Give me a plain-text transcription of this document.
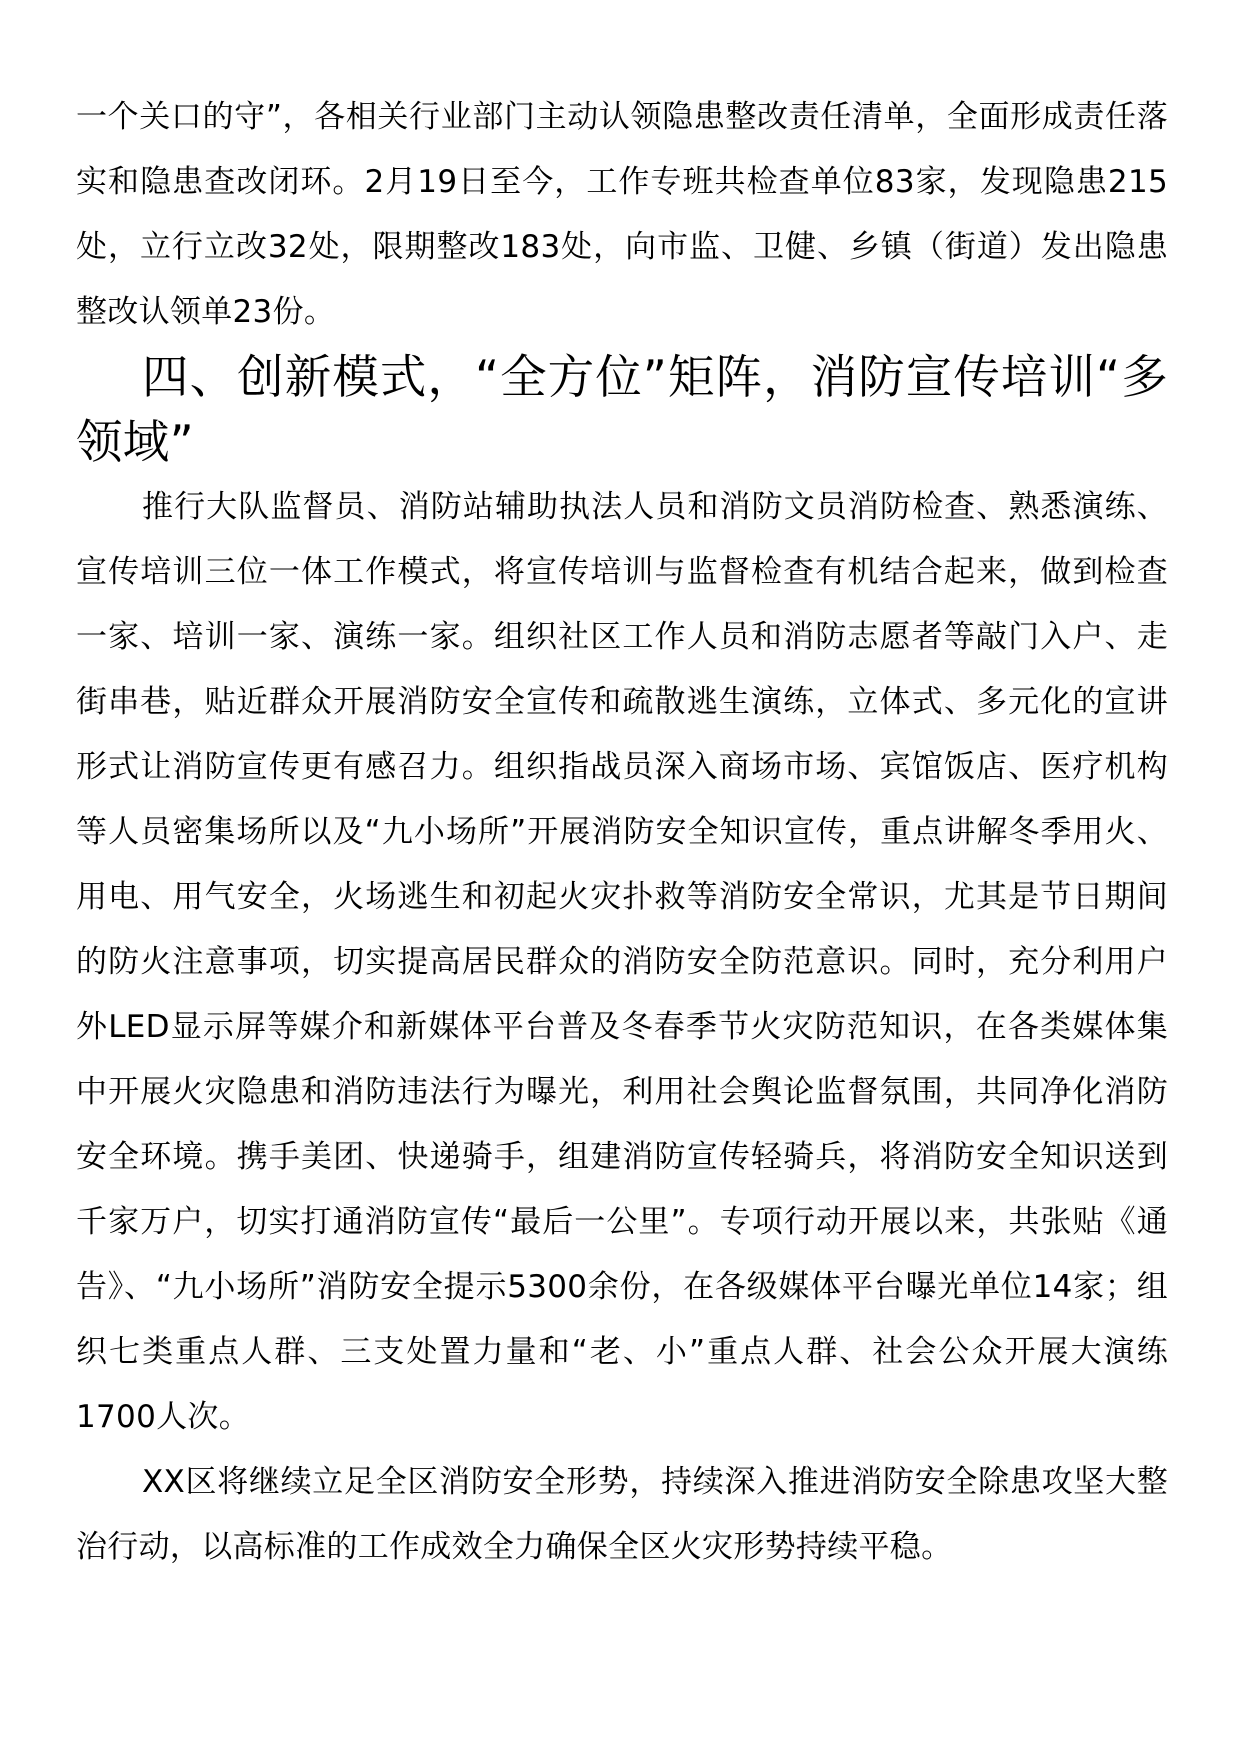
一个关口的守”，各相关行业部门主动认领隐患整改责任清单，全面形成责任落实和隐患查改闭环。2月19日至今，工作专班共检查单位83家，发现隐患215处，立行立改32处，限期整改183处，向市监、卫健、乡镇（街道）发出隐患整改认领单23份。

四、创新模式，“全方位”矩阵，消防宣传培训“多领域”

推行大队监督员、消防站辅助执法人员和消防文员消防检查、熟悉演练、宣传培训三位一体工作模式，将宣传培训与监督检查有机结合起来，做到检查一家、培训一家、演练一家。组织社区工作人员和消防志愿者等敲门入户、走街串巷，贴近群众开展消防安全宣传和疏散逃生演练，立体式、多元化的宣讲形式让消防宣传更有感召力。组织指战员深入商场市场、宾馆饭店、医疗机构等人员密集场所以及“九小场所”开展消防安全知识宣传，重点讲解冬季用火、用电、用气安全，火场逃生和初起火灾扑救等消防安全常识，尤其是节日期间的防火注意事项，切实提高居民群众的消防安全防范意识。同时，充分利用户外LED显示屏等媒介和新媒体平台普及冬春季节火灾防范知识，在各类媒体集中开展火灾隐患和消防违法行为曝光，利用社会舆论监督氛围，共同净化消防安全环境。携手美团、快递骑手，组建消防宣传轻骑兵，将消防安全知识送到千家万户，切实打通消防宣传“最后一公里”。专项行动开展以来，共张贴《通告》、“九小场所”消防安全提示5300余份，在各级媒体平台曝光单位14家；组织七类重点人群、三支处置力量和“老、小”重点人群、社会公众开展大演练1700人次。

XX区将继续立足全区消防安全形势，持续深入推进消防安全除患攻坚大整治行动，以高标准的工作成效全力确保全区火灾形势持续平稳。
